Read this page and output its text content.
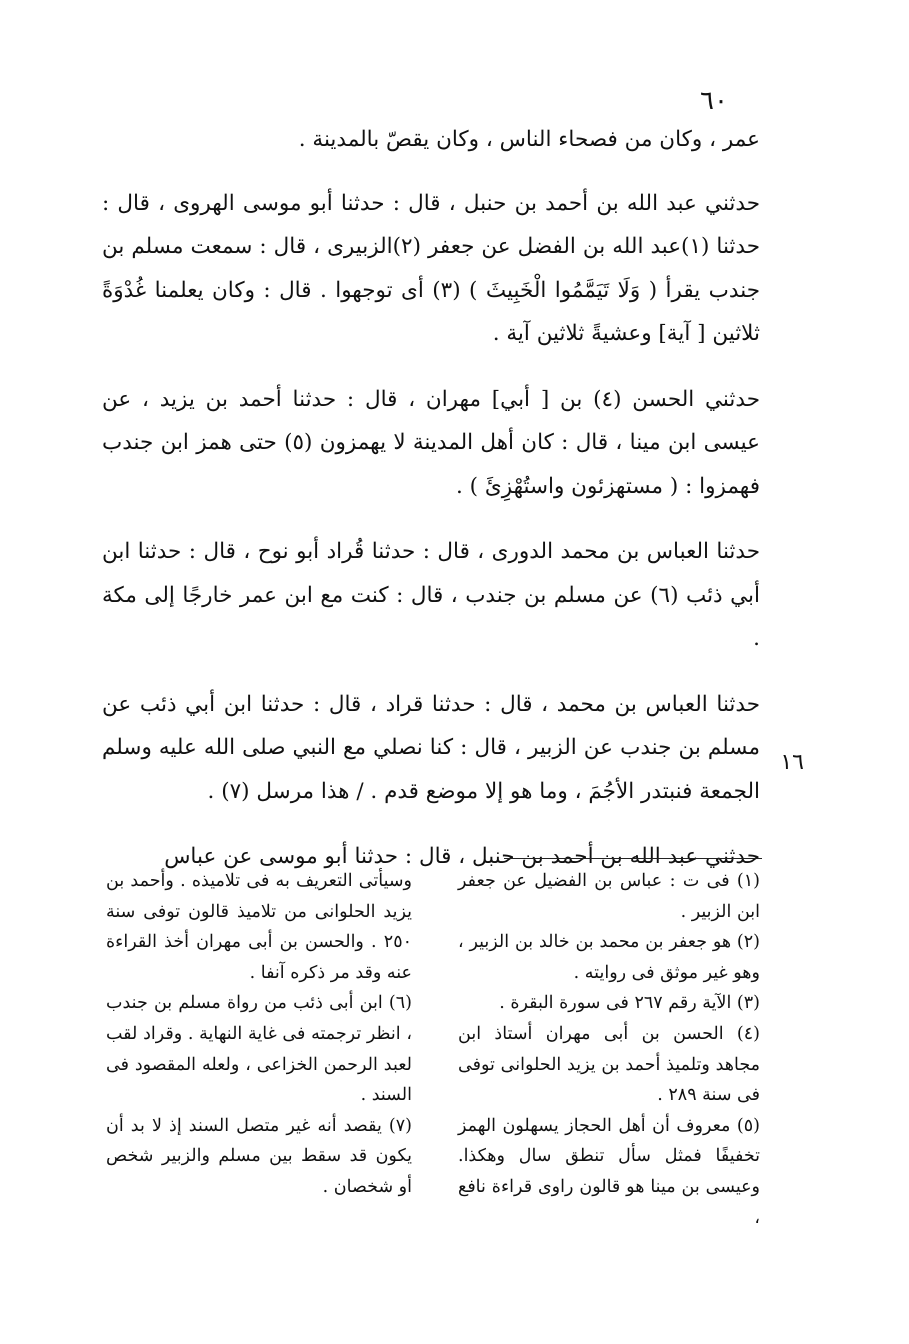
٦٠

عمر ، وكان من فصحاء الناس ، وكان يقصّ بالمدينة .

حدثني عبد الله بن أحمد بن حنبل ، قال : حدثنا أبو موسى الهروى ، قال : حدثنا (١)عبد الله بن الفضل عن جعفر (٢)الزبيرى ، قال : سمعت مسلم بن جندب يقرأ ( وَلَا تَيَمَّمُوا الْخَبِيثَ ) (٣) أى توجهوا . قال : وكان يعلمنا غُدْوَةً ثلاثين [ آية] وعشيةً ثلاثين آية .

حدثني الحسن (٤) بن [ أبي] مهران ، قال : حدثنا أحمد بن يزيد ، عن عيسى ابن مينا ، قال : كان أهل المدينة لا يهمزون (٥) حتى همز ابن جندب فهمزوا : ( مستهزئون واستُهْزِئَ ) .

حدثنا العباس بن محمد الدورى ، قال : حدثنا قُراد أبو نوح ، قال : حدثنا ابن أبي ذئب (٦) عن مسلم بن جندب ، قال : كنت مع ابن عمر خارجًا إلى مكة .

حدثنا العباس بن محمد ، قال : حدثنا قراد ، قال : حدثنا ابن أبي ذئب عن مسلم بن جندب عن الزبير ، قال : كنا نصلي مع النبي صلى الله عليه وسلم الجمعة فنبتدر الأجُمَ ، وما هو إلا موضع قدم . / هذا مرسل (٧) .

حدثني عبد الله بن أحمد بن حنبل ، قال : حدثنا أبو موسى عن عباس

١٦
(١) فى ت : عباس بن الفضيل عن جعفر ابن الزبير .
(٢) هو جعفر بن محمد بن خالد بن الزبير ، وهو غير موثق فى روايته .
(٣) الآية رقم ٢٦٧ فى سورة البقرة .
(٤) الحسن بن أبى مهران أستاذ ابن مجاهد وتلميذ أحمد بن يزيد الحلوانى توفى فى سنة ٢٨٩ .
(٥) معروف أن أهل الحجاز يسهلون الهمز تخفيفًا فمثل سأل تنطق سال وهكذا. وعيسى بن مينا هو قالون راوى قراءة نافع ،
وسيأتى التعريف به فى تلاميذه . وأحمد بن يزيد الحلوانى من تلاميذ قالون توفى سنة ٢٥٠ . والحسن بن أبى مهران أخذ القراءة عنه وقد مر ذكره آنفا .
(٦) ابن أبى ذئب من رواة مسلم بن جندب ، انظر ترجمته فى غاية النهاية . وقراد لقب لعبد الرحمن الخزاعى ، ولعله المقصود فى السند .
(٧) يقصد أنه غير متصل السند إذ لا بد أن يكون قد سقط بين مسلم والزبير شخص أو شخصان .
